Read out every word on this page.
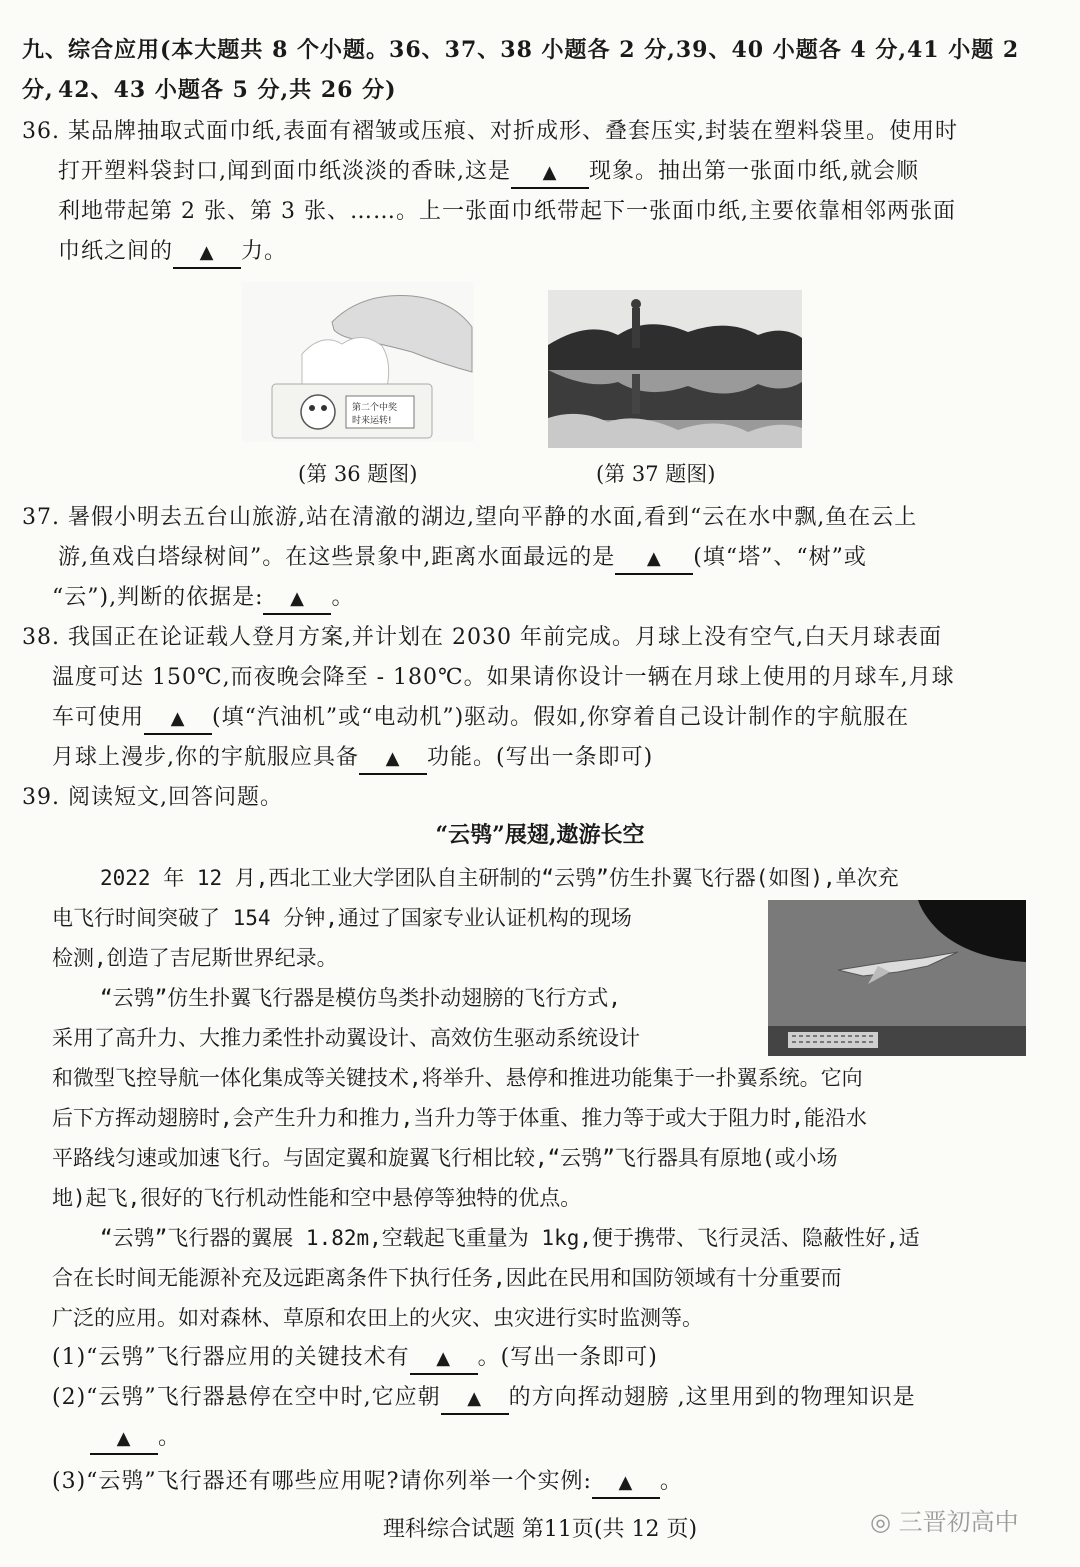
九、综合应用(本大题共 8 个小题。36、37、38 小题各 2 分,39、40 小题各 4 分,41 小题 2 分, 42、43 小题各 5 分,共 26 分)
36. 某品牌抽取式面巾纸,表面有褶皱或压痕、对折成形、叠套压实,封装在塑料袋里。使用时
打开塑料袋封口,闻到面巾纸淡淡的香昧,这是 ▲ 现象。抽出第一张面巾纸,就会顺
利地带起第 2 张、第 3 张、……。上一张面巾纸带起下一张面巾纸,主要依靠相邻两张面
巾纸之间的 ▲ 力。
第二个中奖
时来运转!
(第 36 题图)	(第 37 题图)
37. 暑假小明去五台山旅游,站在清澈的湖边,望向平静的水面,看到“云在水中飘,鱼在云上
游,鱼戏白塔绿树间”。在这些景象中,距离水面最远的是 ▲ (填“塔”、“树”或
“云”),判断的依据是: ▲ 。
38. 我国正在论证载人登月方案,并计划在 2030 年前完成。月球上没有空气,白天月球表面
温度可达 150℃,而夜晚会降至 - 180℃。如果请你设计一辆在月球上使用的月球车,月球
车可使用 ▲ (填“汽油机”或“电动机”)驱动。假如,你穿着自己设计制作的宇航服在
月球上漫步,你的宇航服应具备 ▲ 功能。(写出一条即可)
39. 阅读短文,回答问题。
“云鸮”展翅,遨游长空
2022 年 12 月,西北工业大学团队自主研制的“云鸮”仿生扑翼飞行器(如图),单次充
电飞行时间突破了 154 分钟,通过了国家专业认证机构的现场
检测,创造了吉尼斯世界纪录。
“云鸮”仿生扑翼飞行器是模仿鸟类扑动翅膀的飞行方式,
采用了高升力、大推力柔性扑动翼设计、高效仿生驱动系统设计
和微型飞控导航一体化集成等关键技术,将举升、悬停和推进功能集于一扑翼系统。它向
后下方挥动翅膀时,会产生升力和推力,当升力等于体重、推力等于或大于阻力时,能沿水
平路线匀速或加速飞行。与固定翼和旋翼飞行相比较,“云鸮”飞行器具有原地(或小场
地)起飞,很好的飞行机动性能和空中悬停等独特的优点。
“云鸮”飞行器的翼展 1.82m,空载起飞重量为 1kg,便于携带、飞行灵活、隐蔽性好,适
合在长时间无能源补充及远距离条件下执行任务,因此在民用和国防领域有十分重要而
广泛的应用。如对森林、草原和农田上的火灾、虫灾进行实时监测等。
(1)“云鸮”飞行器应用的关键技术有 ▲ 。(写出一条即可)
(2)“云鸮”飞行器悬停在空中时,它应朝 ▲ 的方向挥动翅膀 ,这里用到的物理知识是
▲ 。
(3)“云鸮”飞行器还有哪些应用呢?请你列举一个实例: ▲ 。
理科综合试题 第11页(共 12 页)	◎ 三晋初高中
